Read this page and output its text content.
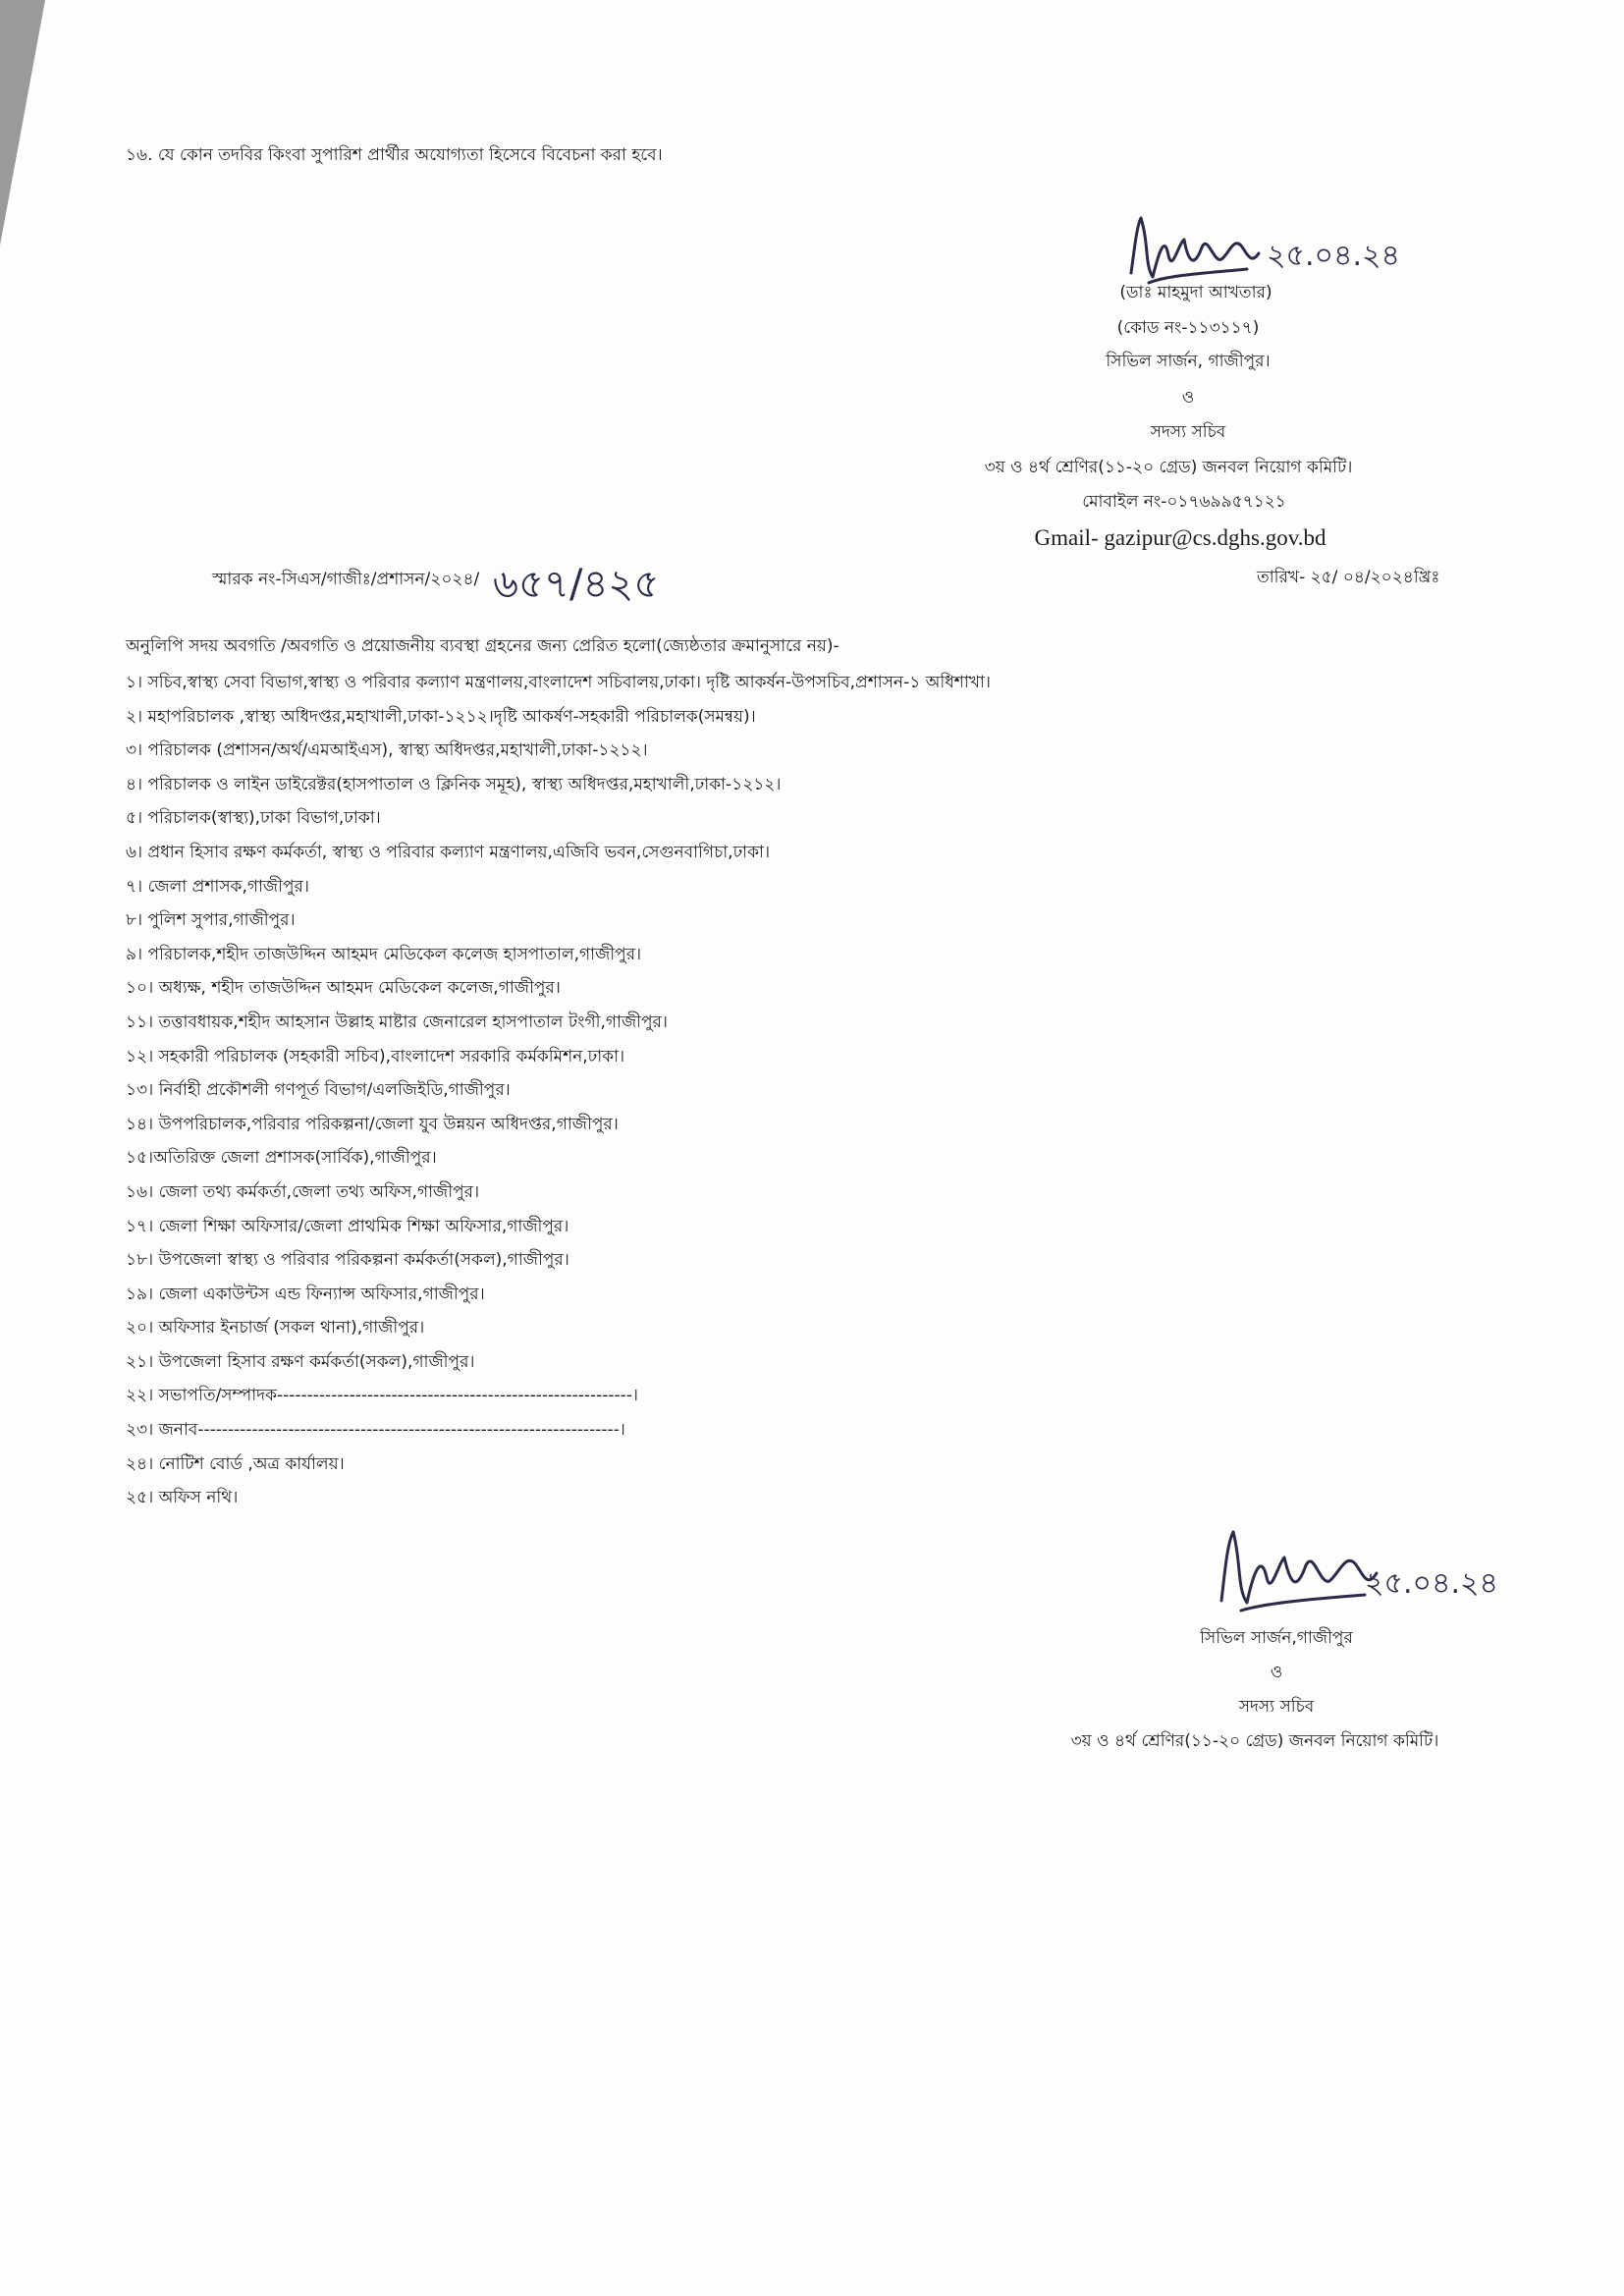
১৬. যে কোন তদবির কিংবা সুপারিশ প্রার্থীর অযোগ্যতা হিসেবে বিবেচনা করা হবে।
২৫.০৪.২৪
(ডাঃ মাহমুদা আখতার)
(কোড নং-১১৩১১৭)
সিভিল সার্জন, গাজীপুর।
ও
সদস্য সচিব
৩য় ও ৪র্থ শ্রেণির(১১-২০ গ্রেড) জনবল নিয়োগ কমিটি।
মোবাইল নং-০১৭৬৯৯৫৭১২১
Gmail- gazipur@cs.dghs.gov.bd
স্মারক নং-সিএস/গাজীঃ/প্রশাসন/২০২৪/ ৬৫৭/৪২৫	তারিখ- ২৫/ ০৪/২০২৪খ্রিঃ
অনুলিপি সদয় অবগতি /অবগতি ও প্রয়োজনীয় ব্যবস্থা গ্রহনের জন্য প্রেরিত হলো(জ্যেষ্ঠতার ক্রমানুসারে নয়)-
১। সচিব,স্বাস্থ্য সেবা বিভাগ,স্বাস্থ্য ও পরিবার কল্যাণ মন্ত্রণালয়,বাংলাদেশ সচিবালয়,ঢাকা। দৃষ্টি আকর্ষন-উপসচিব,প্রশাসন-১ অধিশাখা।
২। মহাপরিচালক ,স্বাস্থ্য অধিদপ্তর,মহাখালী,ঢাকা-১২১২।দৃষ্টি আকর্ষণ-সহকারী পরিচালক(সমন্বয়)।
৩। পরিচালক (প্রশাসন/অর্থ/এমআইএস), স্বাস্থ্য অধিদপ্তর,মহাখালী,ঢাকা-১২১২।
৪। পরিচালক ও লাইন ডাইরেক্টর(হাসপাতাল ও ক্লিনিক সমূহ), স্বাস্থ্য অধিদপ্তর,মহাখালী,ঢাকা-১২১২।
৫। পরিচালক(স্বাস্থ্য),ঢাকা বিভাগ,ঢাকা।
৬। প্রধান হিসাব রক্ষণ কর্মকর্তা, স্বাস্থ্য ও পরিবার কল্যাণ মন্ত্রণালয়,এজিবি ভবন,সেগুনবাগিচা,ঢাকা।
৭। জেলা প্রশাসক,গাজীপুর।
৮। পুলিশ সুপার,গাজীপুর।
৯। পরিচালক,শহীদ তাজউদ্দিন আহমদ মেডিকেল কলেজ হাসপাতাল,গাজীপুর।
১০। অধ্যক্ষ, শহীদ তাজউদ্দিন আহমদ মেডিকেল কলেজ,গাজীপুর।
১১। তত্তাবধায়ক,শহীদ আহসান উল্লাহ মাষ্টার জেনারেল হাসপাতাল টংগী,গাজীপুর।
১২। সহকারী পরিচালক (সহকারী সচিব),বাংলাদেশ সরকারি কর্মকমিশন,ঢাকা।
১৩। নির্বাহী প্রকৌশলী গণপূর্ত বিভাগ/এলজিইডি,গাজীপুর।
১৪। উপপরিচালক,পরিবার পরিকল্পনা/জেলা যুব উন্নয়ন অধিদপ্তর,গাজীপুর।
১৫।অতিরিক্ত জেলা প্রশাসক(সার্বিক),গাজীপুর।
১৬। জেলা তথ্য কর্মকর্তা,জেলা তথ্য অফিস,গাজীপুর।
১৭। জেলা শিক্ষা অফিসার/জেলা প্রাথমিক শিক্ষা অফিসার,গাজীপুর।
১৮। উপজেলা স্বাস্থ্য ও পরিবার পরিকল্পনা কর্মকর্তা(সকল),গাজীপুর।
১৯। জেলা একাউন্টস এন্ড ফিন্যান্স অফিসার,গাজীপুর।
২০। অফিসার ইনচার্জ (সকল থানা),গাজীপুর।
২১। উপজেলা হিসাব রক্ষণ কর্মকর্তা(সকল),গাজীপুর।
২২। সভাপতি/সম্পাদক-----------------------------------------------------------।
২৩। জনাব----------------------------------------------------------------------।
২৪। নোটিশ বোর্ড ,অত্র কার্যালয়।
২৫। অফিস নথি।
২৫.০৪.২৪
সিভিল সার্জন,গাজীপুর
ও
সদস্য সচিব
৩য় ও ৪র্থ শ্রেণির(১১-২০ গ্রেড) জনবল নিয়োগ কমিটি।
